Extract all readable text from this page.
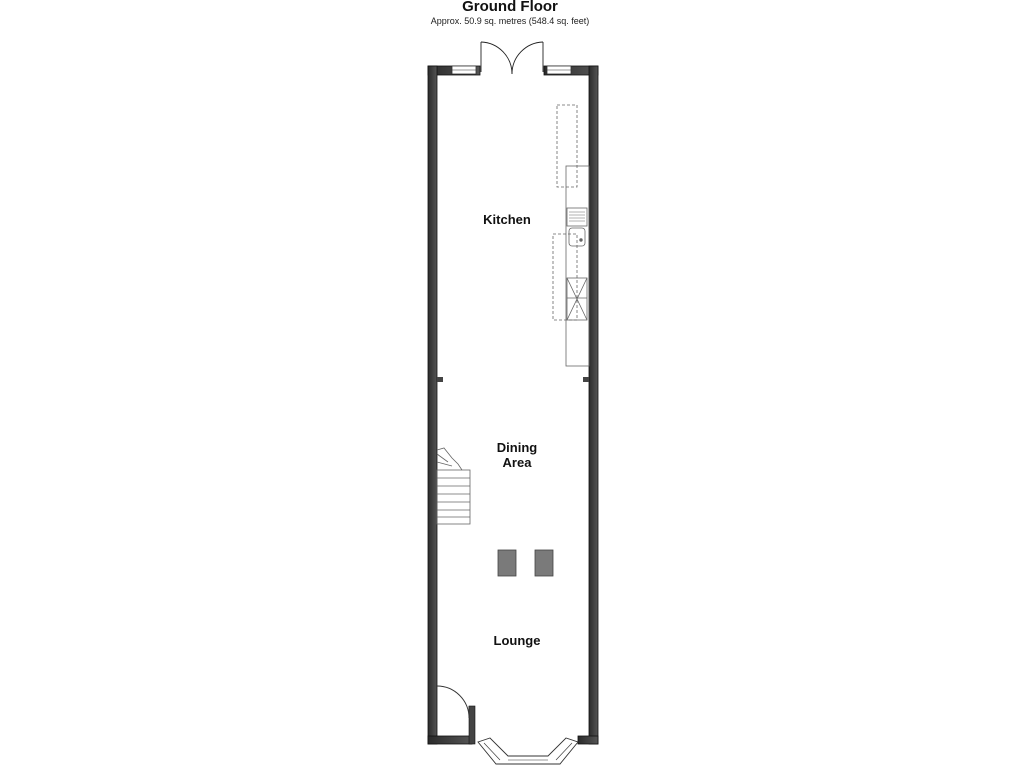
Ground Floor
Approx. 50.9 sq. metres (548.4 sq. feet)
Kitchen
Dining
Area
Lounge
